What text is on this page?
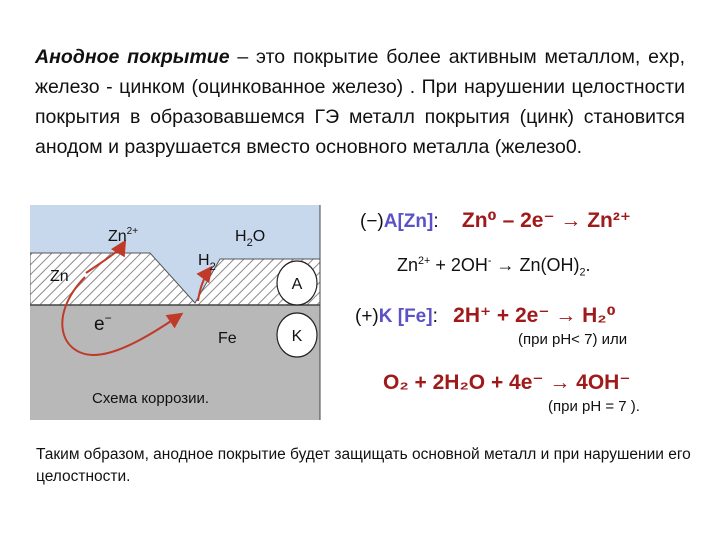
Анодное покрытие – это покрытие более активным металлом, exp, железо - цинком (оцинкованное железо) . При нарушении целостности покрытия в образовавшемся ГЭ металл покрытия (цинк) становится анодом и разрушается вместо основного металла (железо0.
$Zn^{2+}$	$H_2O$
$H_2$
Zn
e−
Fe
A
K
Схема коррозии.
(−)A[Zn]: Zn⁰ – 2e⁻ → Zn²⁺
$Zn^{2+} + 2OH^- \to Zn(OH)_2$.
(+)K [Fe]: 2H⁺ + 2e⁻ → H₂⁰
(при pH< 7) или
O₂ + 2H₂O + 4e⁻ → 4OH⁻
(при pH = 7 ).
Таким образом, анодное покрытие будет защищать основной металл и при нарушении его целостности.
